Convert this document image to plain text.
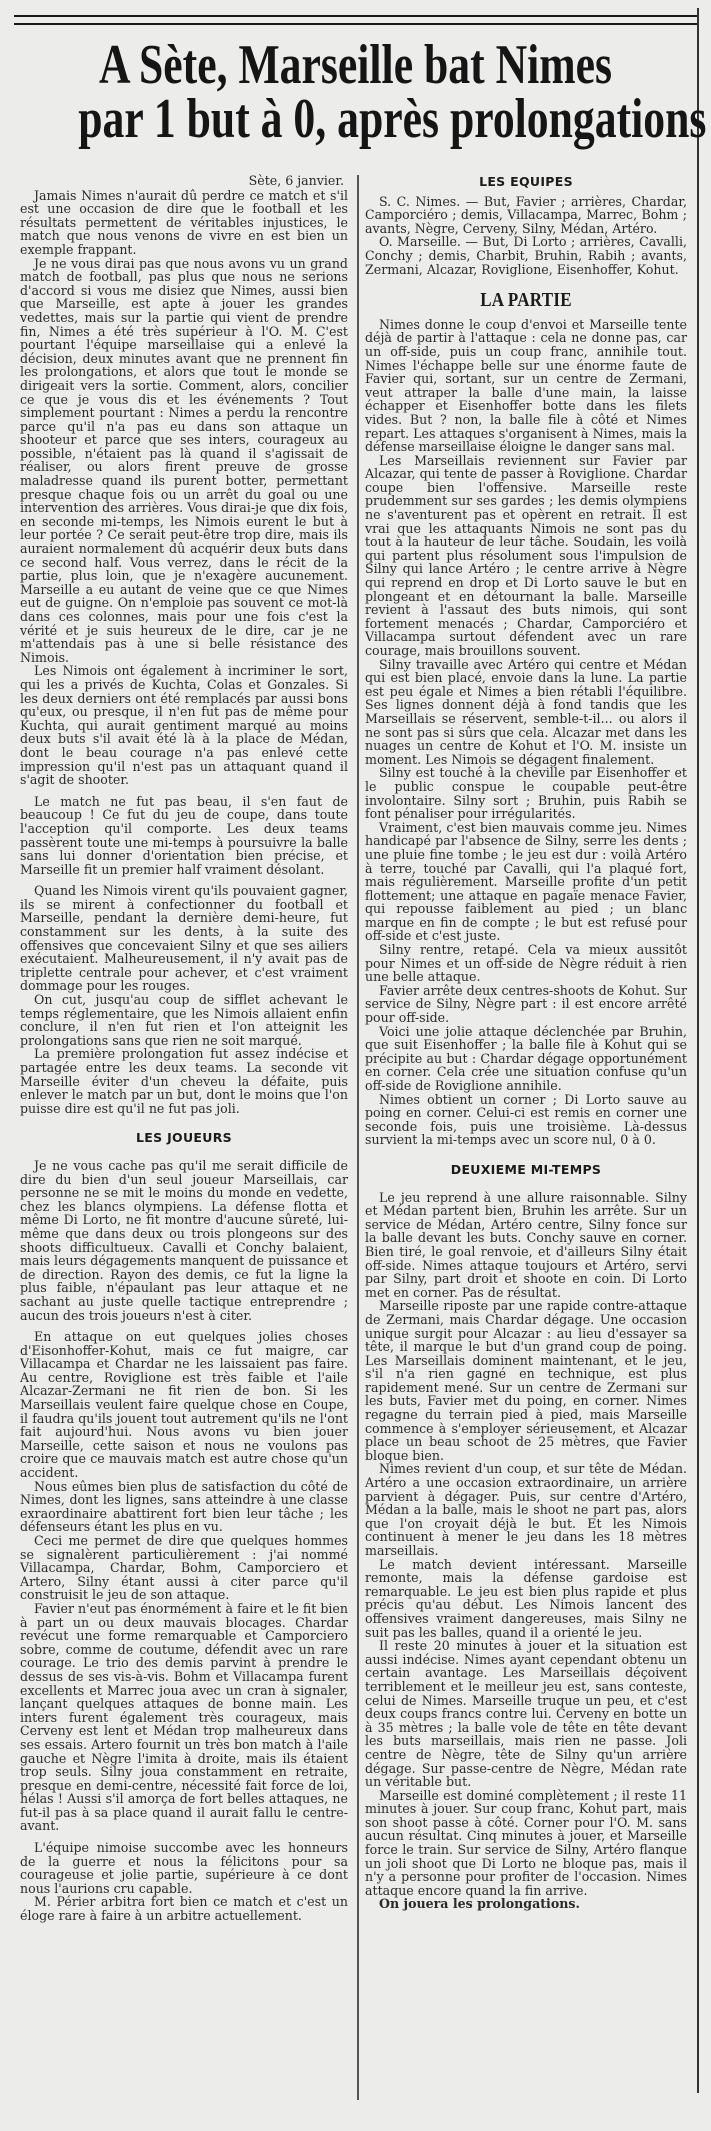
A Sète, Marseille bat Nimes
par 1 but à 0, après prolongations
Sète, 6 janvier.

Jamais Nimes n'aurait dû perdre ce match et s'il est une occasion de dire que le football et les résultats permettent de véritables injustices, le match que nous venons de vivre en est bien un exemple frappant.

Je ne vous dirai pas que nous avons vu un grand match de football, pas plus que nous ne serions d'accord si vous me disiez que Nimes, aussi bien que Marseille, est apte à jouer les grandes vedettes, mais sur la partie qui vient de prendre fin, Nimes a été très supérieur à l'O. M. C'est pourtant l'équipe marseillaise qui a enlevé la décision, deux minutes avant que ne prennent fin les prolongations, et alors que tout le monde se dirigeait vers la sortie. Comment, alors, concilier ce que je vous dis et les événements ? Tout simplement pourtant : Nimes a perdu la rencontre parce qu'il n'a pas eu dans son attaque un shooteur et parce que ses inters, courageux au possible, n'étaient pas là quand il s'agissait de réaliser, ou alors firent preuve de grosse maladresse quand ils purent botter, permettant presque chaque fois ou un arrêt du goal ou une intervention des arrières. Vous dirai-je que dix fois, en seconde mi-temps, les Nimois eurent le but à leur portée ? Ce serait peut-être trop dire, mais ils auraient normalement dû acquérir deux buts dans ce second half. Vous verrez, dans le récit de la partie, plus loin, que je n'exagère aucunement. Marseille a eu autant de veine que ce que Nimes eut de guigne. On n'emploie pas souvent ce mot-là dans ces colonnes, mais pour une fois c'est la vérité et je suis heureux de le dire, car je ne m'attendais pas à une si belle résistance des Nimois.

Les Nimois ont également à incriminer le sort, qui les a privés de Kuchta, Colas et Gonzales. Si les deux derniers ont été remplacés par aussi bons qu'eux, ou presque, il n'en fut pas de même pour Kuchta, qui aurait gentiment marqué au moins deux buts s'il avait été là à la place de Médan, dont le beau courage n'a pas enlevé cette impression qu'il n'est pas un attaquant quand il s'agit de shooter.

Le match ne fut pas beau, il s'en faut de beaucoup ! Ce fut du jeu de coupe, dans toute l'acception qu'il comporte. Les deux teams passèrent toute une mi-temps à poursuivre la balle sans lui donner d'orientation bien précise, et Marseille fit un premier half vraiment désolant.

Quand les Nimois virent qu'ils pouvaient gagner, ils se mirent à confectionner du football et Marseille, pendant la dernière demi-heure, fut constamment sur les dents, à la suite des offensives que concevaient Silny et que ses ailiers exécutaient. Malheureusement, il n'y avait pas de triplette centrale pour achever, et c'est vraiment dommage pour les rouges.

On cut, jusqu'au coup de sifflet achevant le temps réglementaire, que les Nimois allaient enfin conclure, il n'en fut rien et l'on atteignit les prolongations sans que rien ne soit marqué.

La première prolongation fut assez indécise et partagée entre les deux teams. La seconde vit Marseille éviter d'un cheveu la défaite, puis enlever le match par un but, dont le moins que l'on puisse dire est qu'il ne fut pas joli.

LES JOUEURS

Je ne vous cache pas qu'il me serait difficile de dire du bien d'un seul joueur Marseillais, car personne ne se mit le moins du monde en vedette, chez les blancs olympiens. La défense flotta et même Di Lorto, ne fit montre d'aucune sûreté, lui-même que dans deux ou trois plongeons sur des shoots difficultueux. Cavalli et Conchy balaient, mais leurs dégagements manquent de puissance et de direction. Rayon des demis, ce fut la ligne la plus faible, n'épaulant pas leur attaque et ne sachant au juste quelle tactique entreprendre ; aucun des trois joueurs n'est à citer.

En attaque on eut quelques jolies choses d'Eisonhoffer-Kohut, mais ce fut maigre, car Villacampa et Chardar ne les laissaient pas faire. Au centre, Roviglione est très faible et l'aile Alcazar-Zermani ne fit rien de bon. Si les Marseillais veulent faire quelque chose en Coupe, il faudra qu'ils jouent tout autrement qu'ils ne l'ont fait aujourd'hui. Nous avons vu bien jouer Marseille, cette saison et nous ne voulons pas croire que ce mauvais match est autre chose qu'un accident.

Nous eûmes bien plus de satisfaction du côté de Nimes, dont les lignes, sans atteindre à une classe exraordinaire abattirent fort bien leur tâche ; les défenseurs étant les plus en vu.

Ceci me permet de dire que quelques hommes se signalèrent particulièrement : j'ai nommé Villacampa, Chardar, Bohm, Camporciero et Artero, Silny étant aussi à citer parce qu'il construisit le jeu de son attaque.

Favier n'eut pas énormément à faire et le fit bien à part un ou deux mauvais blocages. Chardar revécut une forme remarquable et Camporciero sobre, comme de coutume, défendit avec un rare courage. Le trio des demis parvint à prendre le dessus de ses vis-à-vis. Bohm et Villacampa furent excellents et Marrec joua avec un cran à signaler, lançant quelques attaques de bonne main. Les inters furent également très courageux, mais Cerveny est lent et Médan trop malheureux dans ses essais. Artero fournit un très bon match à l'aile gauche et Nègre l'imita à droite, mais ils étaient trop seuls. Silny joua constamment en retraite, presque en demi-centre, nécessité fait force de loi, hélas ! Aussi s'il amorça de fort belles attaques, ne fut-il pas à sa place quand il aurait fallu le centre-avant.

L'équipe nimoise succombe avec les honneurs de la guerre et nous la félicitons pour sa courageuse et jolie partie, supérieure à ce dont nous l'aurions cru capable.

M. Périer arbitra fort bien ce match et c'est un éloge rare à faire à un arbitre actuellement.

LES EQUIPES

S. C. Nimes. — But, Favier ; arrières, Chardar, Camporciéro ; demis, Villacampa, Marrec, Bohm ; avants, Nègre, Cerveny, Silny, Médan, Artéro.

O. Marseille. — But, Di Lorto ; arrières, Cavalli, Conchy ; demis, Charbit, Bruhin, Rabih ; avants, Zermani, Alcazar, Roviglione, Eisenhoffer, Kohut.

LA PARTIE

Nimes donne le coup d'envoi et Marseille tente déjà de partir à l'attaque : cela ne donne pas, car un off-side, puis un coup franc, annihile tout. Nimes l'échappe belle sur une énorme faute de Favier qui, sortant, sur un centre de Zermani, veut attraper la balle d'une main, la laisse échapper et Eisenhoffer botte dans les filets vides. But ? non, la balle file à côté et Nimes repart. Les attaques s'organisent à Nimes, mais la défense marseillaise éloigne le danger sans mal.

Les Marseillais reviennent sur Favier par Alcazar, qui tente de passer à Roviglione. Chardar coupe bien l'offensive. Marseille reste prudemment sur ses gardes ; les demis olympiens ne s'aventurent pas et opèrent en retrait. Il est vrai que les attaquants Nimois ne sont pas du tout à la hauteur de leur tâche. Soudain, les voilà qui partent plus résolument sous l'impulsion de Silny qui lance Artéro ; le centre arrive à Nègre qui reprend en drop et Di Lorto sauve le but en plongeant et en détournant la balle. Marseille revient à l'assaut des buts nimois, qui sont fortement menacés ; Chardar, Camporciéro et Villacampa surtout défendent avec un rare courage, mais brouillons souvent.

Silny travaille avec Artéro qui centre et Médan qui est bien placé, envoie dans la lune. La partie est peu égale et Nimes a bien rétabli l'équilibre. Ses lignes donnent déjà à fond tandis que les Marseillais se réservent, semble-t-il... ou alors il ne sont pas si sûrs que cela. Alcazar met dans les nuages un centre de Kohut et l'O. M. insiste un moment. Les Nimois se dégagent finalement.

Silny est touché à la cheville par Eisenhoffer et le public conspue le coupable peut-être involontaire. Silny sort ; Bruhin, puis Rabih se font pénaliser pour irrégularités.

Vraiment, c'est bien mauvais comme jeu. Nimes handicapé par l'absence de Silny, serre les dents ; une pluie fine tombe ; le jeu est dur : voilà Artéro à terre, touché par Cavalli, qui l'a plaqué fort, mais régulièrement. Marseille profite d'un petit flottement; une attaque en pagaïe menace Favier, qui repousse faiblement au pied ; un blanc marque en fin de compte ; le but est refusé pour off-side et c'est juste.

Silny rentre, retapé. Cela va mieux aussitôt pour Nimes et un off-side de Nègre réduit à rien une belle attaque.

Favier arrête deux centres-shoots de Kohut. Sur service de Silny, Nègre part : il est encore arrêté pour off-side.

Voici une jolie attaque déclenchée par Bruhin, que suit Eisenhoffer ; la balle file à Kohut qui se précipite au but : Chardar dégage opportunément en corner. Cela crée une situation confuse qu'un off-side de Roviglione annihile.

Nimes obtient un corner ; Di Lorto sauve au poing en corner. Celui-ci est remis en corner une seconde fois, puis une troisième. Là-dessus survient la mi-temps avec un score nul, 0 à 0.

DEUXIEME MI-TEMPS

Le jeu reprend à une allure raisonnable. Silny et Médan partent bien, Bruhin les arrête. Sur un service de Médan, Artéro centre, Silny fonce sur la balle devant les buts. Conchy sauve en corner. Bien tiré, le goal renvoie, et d'ailleurs Silny était off-side. Nimes attaque toujours et Artéro, servi par Silny, part droit et shoote en coin. Di Lorto met en corner. Pas de résultat.

Marseille riposte par une rapide contre-attaque de Zermani, mais Chardar dégage. Une occasion unique surgit pour Alcazar : au lieu d'essayer sa tête, il marque le but d'un grand coup de poing. Les Marseillais dominent maintenant, et le jeu, s'il n'a rien gagné en technique, est plus rapidement mené. Sur un centre de Zermani sur les buts, Favier met du poing, en corner. Nimes regagne du terrain pied à pied, mais Marseille commence à s'employer sérieusement, et Alcazar place un beau schoot de 25 mètres, que Favier bloque bien.

Nimes revient d'un coup, et sur tête de Médan. Artéro a une occasion extraordinaire, un arrière parvient à dégager. Puis, sur centre d'Artéro, Médan a la balle, mais le shoot ne part pas, alors que l'on croyait déjà le but. Et les Nimois continuent à mener le jeu dans les 18 mètres marseillais.

Le match devient intéressant. Marseille remonte, mais la défense gardoise est remarquable. Le jeu est bien plus rapide et plus précis qu'au début. Les Nimois lancent des offensives vraiment dangereuses, mais Silny ne suit pas les balles, quand il a orienté le jeu.

Il reste 20 minutes à jouer et la situation est aussi indécise. Nimes ayant cependant obtenu un certain avantage. Les Marseillais déçoivent terriblement et le meilleur jeu est, sans conteste, celui de Nimes. Marseille truque un peu, et c'est deux coups francs contre lui. Cerveny en botte un à 35 mètres ; la balle vole de tête en tête devant les buts marseillais, mais rien ne passe. Joli centre de Nègre, tête de Silny qu'un arrière dégage. Sur passe-centre de Nègre, Médan rate un véritable but.

Marseille est dominé complètement ; il reste 11 minutes à jouer. Sur coup franc, Kohut part, mais son shoot passe à côté. Corner pour l'O. M. sans aucun résultat. Cinq minutes à jouer, et Marseille force le train. Sur service de Silny, Artéro flanque un joli shoot que Di Lorto ne bloque pas, mais il n'y a personne pour profiter de l'occasion. Nimes attaque encore quand la fin arrive.

On jouera les prolongations.
